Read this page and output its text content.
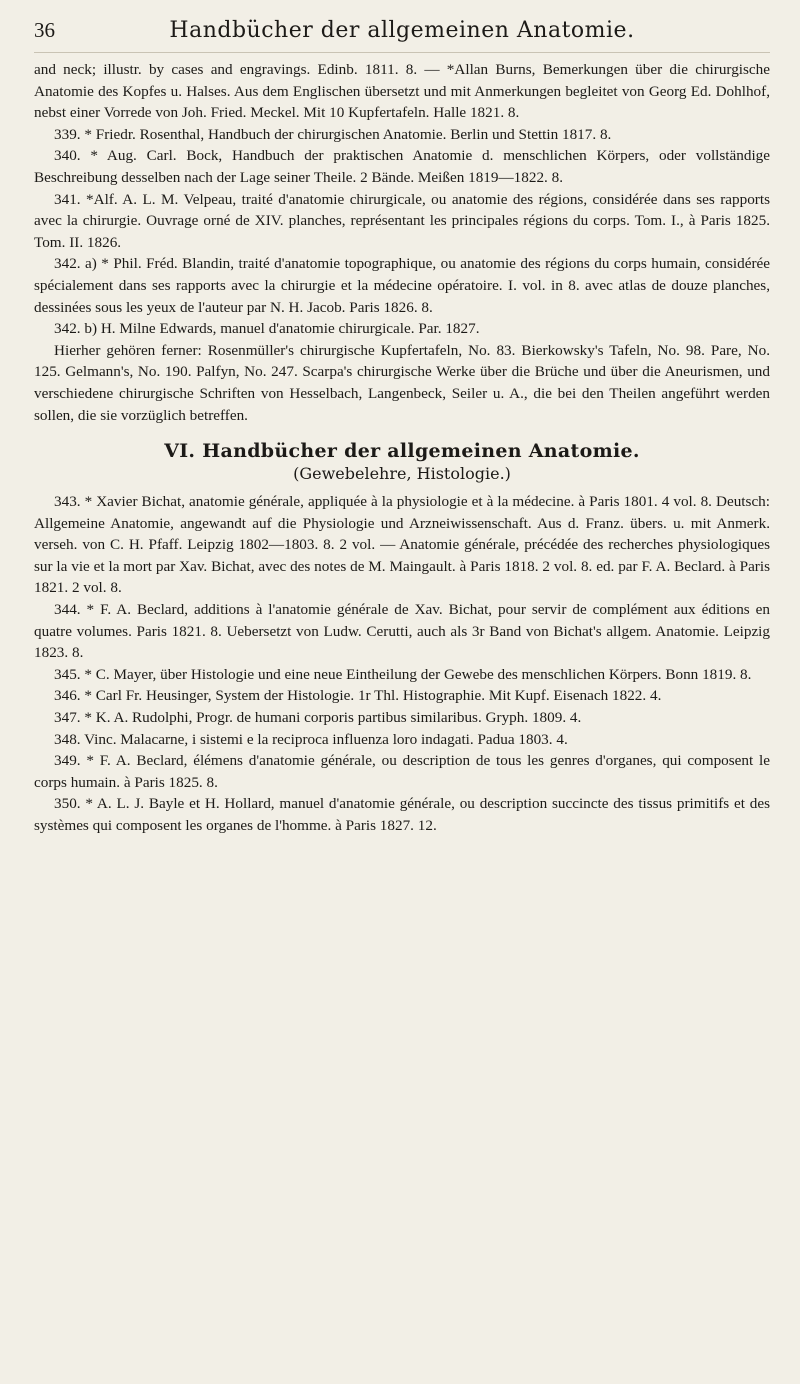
36	Handbücher der allgemeinen Anatomie.

and neck; illustr. by cases and engravings. Edinb. 1811. 8. — *Allan Burns, Bemerkungen über die chirurgische Anatomie des Kopfes u. Halses. Aus dem Englischen übersetzt und mit Anmerkungen begleitet von Georg Ed. Dohlhof, nebst einer Vorrede von Joh. Fried. Meckel. Mit 10 Kupfertafeln. Halle 1821. 8.

339. * Friedr. Rosenthal, Handbuch der chirurgischen Anatomie. Berlin und Stettin 1817. 8.

340. * Aug. Carl. Bock, Handbuch der praktischen Anatomie d. menschlichen Körpers, oder vollständige Beschreibung desselben nach der Lage seiner Theile. 2 Bände. Meißen 1819—1822. 8.

341. *Alf. A. L. M. Velpeau, traité d'anatomie chirurgicale, ou anatomie des régions, considérée dans ses rapports avec la chirurgie. Ouvrage orné de XIV. planches, représentant les principales régions du corps. Tom. I., à Paris 1825. Tom. II. 1826.

342. a) * Phil. Fréd. Blandin, traité d'anatomie topographique, ou anatomie des régions du corps humain, considérée spécialement dans ses rapports avec la chirurgie et la médecine opératoire. I. vol. in 8. avec atlas de douze planches, dessinées sous les yeux de l'auteur par N. H. Jacob. Paris 1826. 8.

342. b) H. Milne Edwards, manuel d'anatomie chirurgicale. Par. 1827.

Hierher gehören ferner: Rosenmüller's chirurgische Kupfertafeln, No. 83. Bierkowsky's Tafeln, No. 98. Pare, No. 125. Gelmann's, No. 190. Palfyn, No. 247. Scarpa's chirurgische Werke über die Brüche und über die Aneurismen, und verschiedene chirurgische Schriften von Hesselbach, Langenbeck, Seiler u. A., die bei den Theilen angeführt werden sollen, die sie vorzüglich betreffen.

VI. Handbücher der allgemeinen Anatomie.
(Gewebelehre, Histologie.)

343. * Xavier Bichat, anatomie générale, appliquée à la physiologie et à la médecine. à Paris 1801. 4 vol. 8. Deutsch: Allgemeine Anatomie, angewandt auf die Physiologie und Arzneiwissenschaft. Aus d. Franz. übers. u. mit Anmerk. verseh. von C. H. Pfaff. Leipzig 1802—1803. 8. 2 vol. — Anatomie générale, précédée des recherches physiologiques sur la vie et la mort par Xav. Bichat, avec des notes de M. Maingault. à Paris 1818. 2 vol. 8. ed. par F. A. Beclard. à Paris 1821. 2 vol. 8.

344. * F. A. Beclard, additions à l'anatomie générale de Xav. Bichat, pour servir de complément aux éditions en quatre volumes. Paris 1821. 8. Uebersetzt von Ludw. Cerutti, auch als 3r Band von Bichat's allgem. Anatomie. Leipzig 1823. 8.

345. * C. Mayer, über Histologie und eine neue Eintheilung der Gewebe des menschlichen Körpers. Bonn 1819. 8.

346. * Carl Fr. Heusinger, System der Histologie. 1r Thl. Histographie. Mit Kupf. Eisenach 1822. 4.

347. * K. A. Rudolphi, Progr. de humani corporis partibus similaribus. Gryph. 1809. 4.

348. Vinc. Malacarne, i sistemi e la reciproca influenza loro indagati. Padua 1803. 4.

349. * F. A. Beclard, élémens d'anatomie générale, ou description de tous les genres d'organes, qui composent le corps humain. à Paris 1825. 8.

350. * A. L. J. Bayle et H. Hollard, manuel d'anatomie générale, ou description succincte des tissus primitifs et des systèmes qui composent les organes de l'homme. à Paris 1827. 12.
